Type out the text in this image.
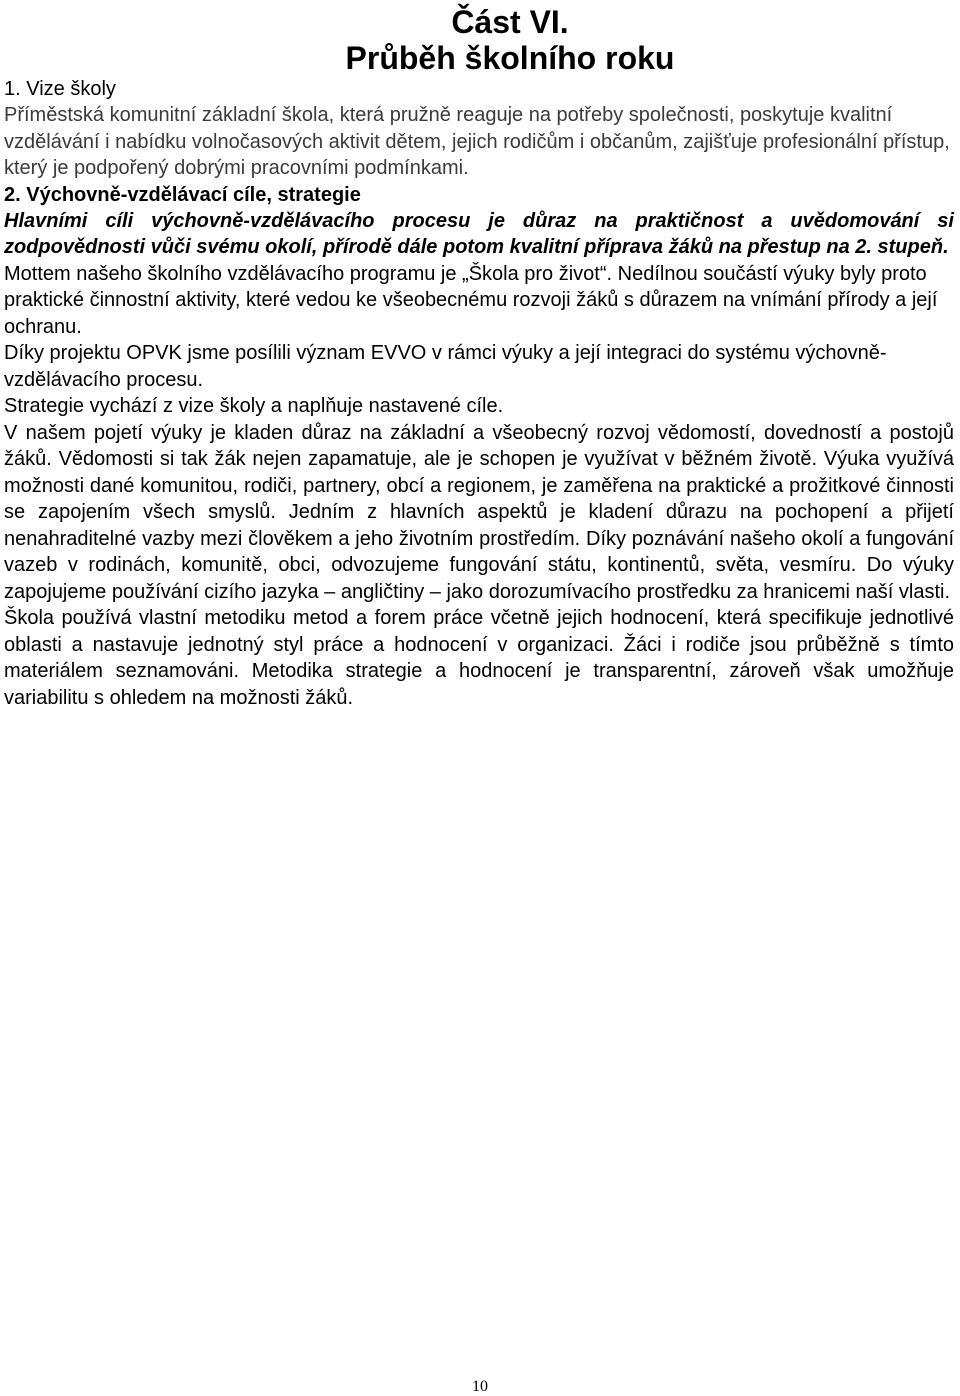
Část VI.
Průběh školního roku

1. Vize školy

Příměstská komunitní základní škola, která pružně reaguje na potřeby společnosti, poskytuje kvalitní vzdělávání i nabídku volnočasových aktivit dětem, jejich rodičům i občanům, zajišťuje profesionální přístup, který je podpořený dobrými pracovními podmínkami.

2. Výchovně-vzdělávací cíle, strategie

Hlavními cíli výchovně-vzdělávacího procesu je důraz na praktičnost a uvědomování si zodpovědnosti vůči svému okolí, přírodě dále potom kvalitní příprava žáků na přestup na 2. stupeň.

Mottem našeho školního vzdělávacího programu je „Škola pro život“. Nedílnou součástí výuky byly proto praktické činnostní aktivity, které vedou ke všeobecnému rozvoji žáků s důrazem na vnímání přírody a její ochranu.

Díky projektu OPVK jsme posílili význam EVVO v rámci výuky a její integraci do systému výchovně-vzdělávacího procesu.

Strategie vychází z vize školy a naplňuje nastavené cíle.

V našem pojetí výuky je kladen důraz na základní a všeobecný rozvoj vědomostí, dovedností a postojů žáků. Vědomosti si tak žák nejen zapamatuje, ale je schopen je využívat v běžném životě. Výuka využívá možnosti dané komunitou, rodiči, partnery, obcí a regionem, je zaměřena na praktické a prožitkové činnosti se zapojením všech smyslů. Jedním z hlavních aspektů je kladení důrazu na pochopení a přijetí nenahraditelné vazby mezi člověkem a jeho životním prostředím. Díky poznávání našeho okolí a fungování vazeb v rodinách, komunitě, obci, odvozujeme fungování státu, kontinentů, světa, vesmíru. Do výuky zapojujeme používání cizího jazyka – angličtiny – jako dorozumívacího prostředku za hranicemi naší vlasti.

Škola používá vlastní metodiku metod a forem práce včetně jejich hodnocení, která specifikuje jednotlivé oblasti a nastavuje jednotný styl práce a hodnocení v organizaci. Žáci i rodiče jsou průběžně s tímto materiálem seznamováni. Metodika strategie a hodnocení je transparentní, zároveň však umožňuje variabilitu s ohledem na možnosti žáků.

10
